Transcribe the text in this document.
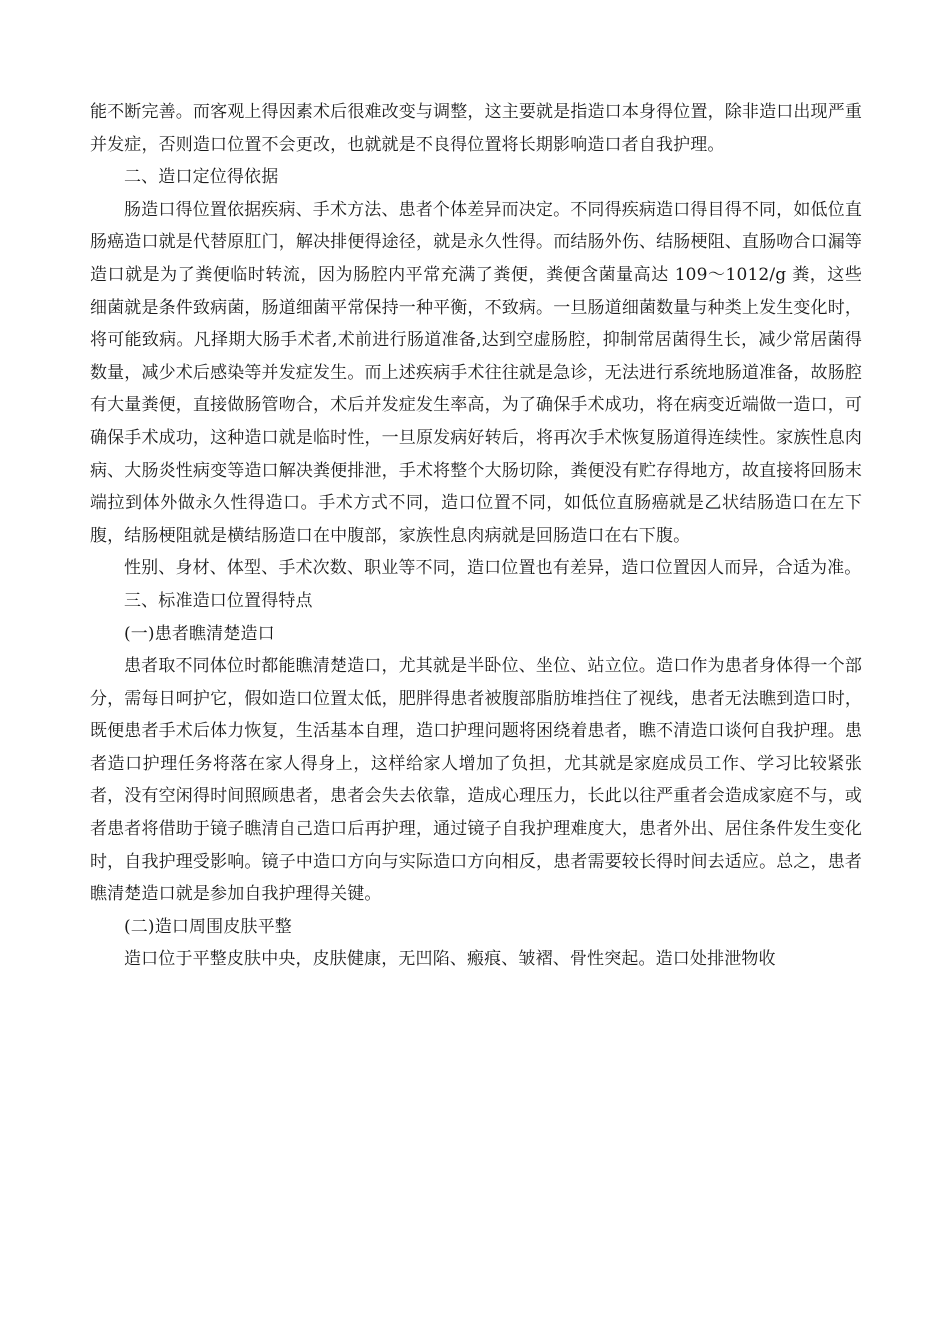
能不断完善。而客观上得因素术后很难改变与调整，这主要就是指造口本身得位置，除非造口出现严重并发症，否则造口位置不会更改，也就就是不良得位置将长期影响造口者自我护理。

二、造口定位得依据

肠造口得位置依据疾病、手术方法、患者个体差异而决定。不同得疾病造口得目得不同，如低位直肠癌造口就是代替原肛门，解决排便得途径，就是永久性得。而结肠外伤、结肠梗阻、直肠吻合口漏等造口就是为了粪便临时转流，因为肠腔内平常充满了粪便，粪便含菌量高达 109～1012/g 粪，这些细菌就是条件致病菌，肠道细菌平常保持一种平衡，不致病。一旦肠道细菌数量与种类上发生变化时，将可能致病。凡择期大肠手术者,术前进行肠道准备,达到空虚肠腔，抑制常居菌得生长，减少常居菌得数量，减少术后感染等并发症发生。而上述疾病手术往往就是急诊，无法进行系统地肠道准备，故肠腔有大量粪便，直接做肠管吻合，术后并发症发生率高，为了确保手术成功，将在病变近端做一造口，可确保手术成功，这种造口就是临时性，一旦原发病好转后，将再次手术恢复肠道得连续性。家族性息肉病、大肠炎性病变等造口解决粪便排泄，手术将整个大肠切除，粪便没有贮存得地方，故直接将回肠末端拉到体外做永久性得造口。手术方式不同，造口位置不同，如低位直肠癌就是乙状结肠造口在左下腹，结肠梗阻就是横结肠造口在中腹部，家族性息肉病就是回肠造口在右下腹。

性别、身材、体型、手术次数、职业等不同，造口位置也有差异，造口位置因人而异，合适为准。

三、标准造口位置得特点

(一)患者瞧清楚造口

患者取不同体位时都能瞧清楚造口，尤其就是半卧位、坐位、站立位。造口作为患者身体得一个部分，需每日呵护它，假如造口位置太低，肥胖得患者被腹部脂肪堆挡住了视线，患者无法瞧到造口时，既便患者手术后体力恢复，生活基本自理，造口护理问题将困绕着患者，瞧不清造口谈何自我护理。患者造口护理任务将落在家人得身上，这样给家人增加了负担，尤其就是家庭成员工作、学习比较紧张者，没有空闲得时间照顾患者，患者会失去依靠，造成心理压力，长此以往严重者会造成家庭不与，或者患者将借助于镜子瞧清自己造口后再护理，通过镜子自我护理难度大，患者外出、居住条件发生变化时，自我护理受影响。镜子中造口方向与实际造口方向相反，患者需要较长得时间去适应。总之，患者瞧清楚造口就是参加自我护理得关键。

(二)造口周围皮肤平整

造口位于平整皮肤中央，皮肤健康，无凹陷、瘢痕、皱褶、骨性突起。造口处排泄物收
